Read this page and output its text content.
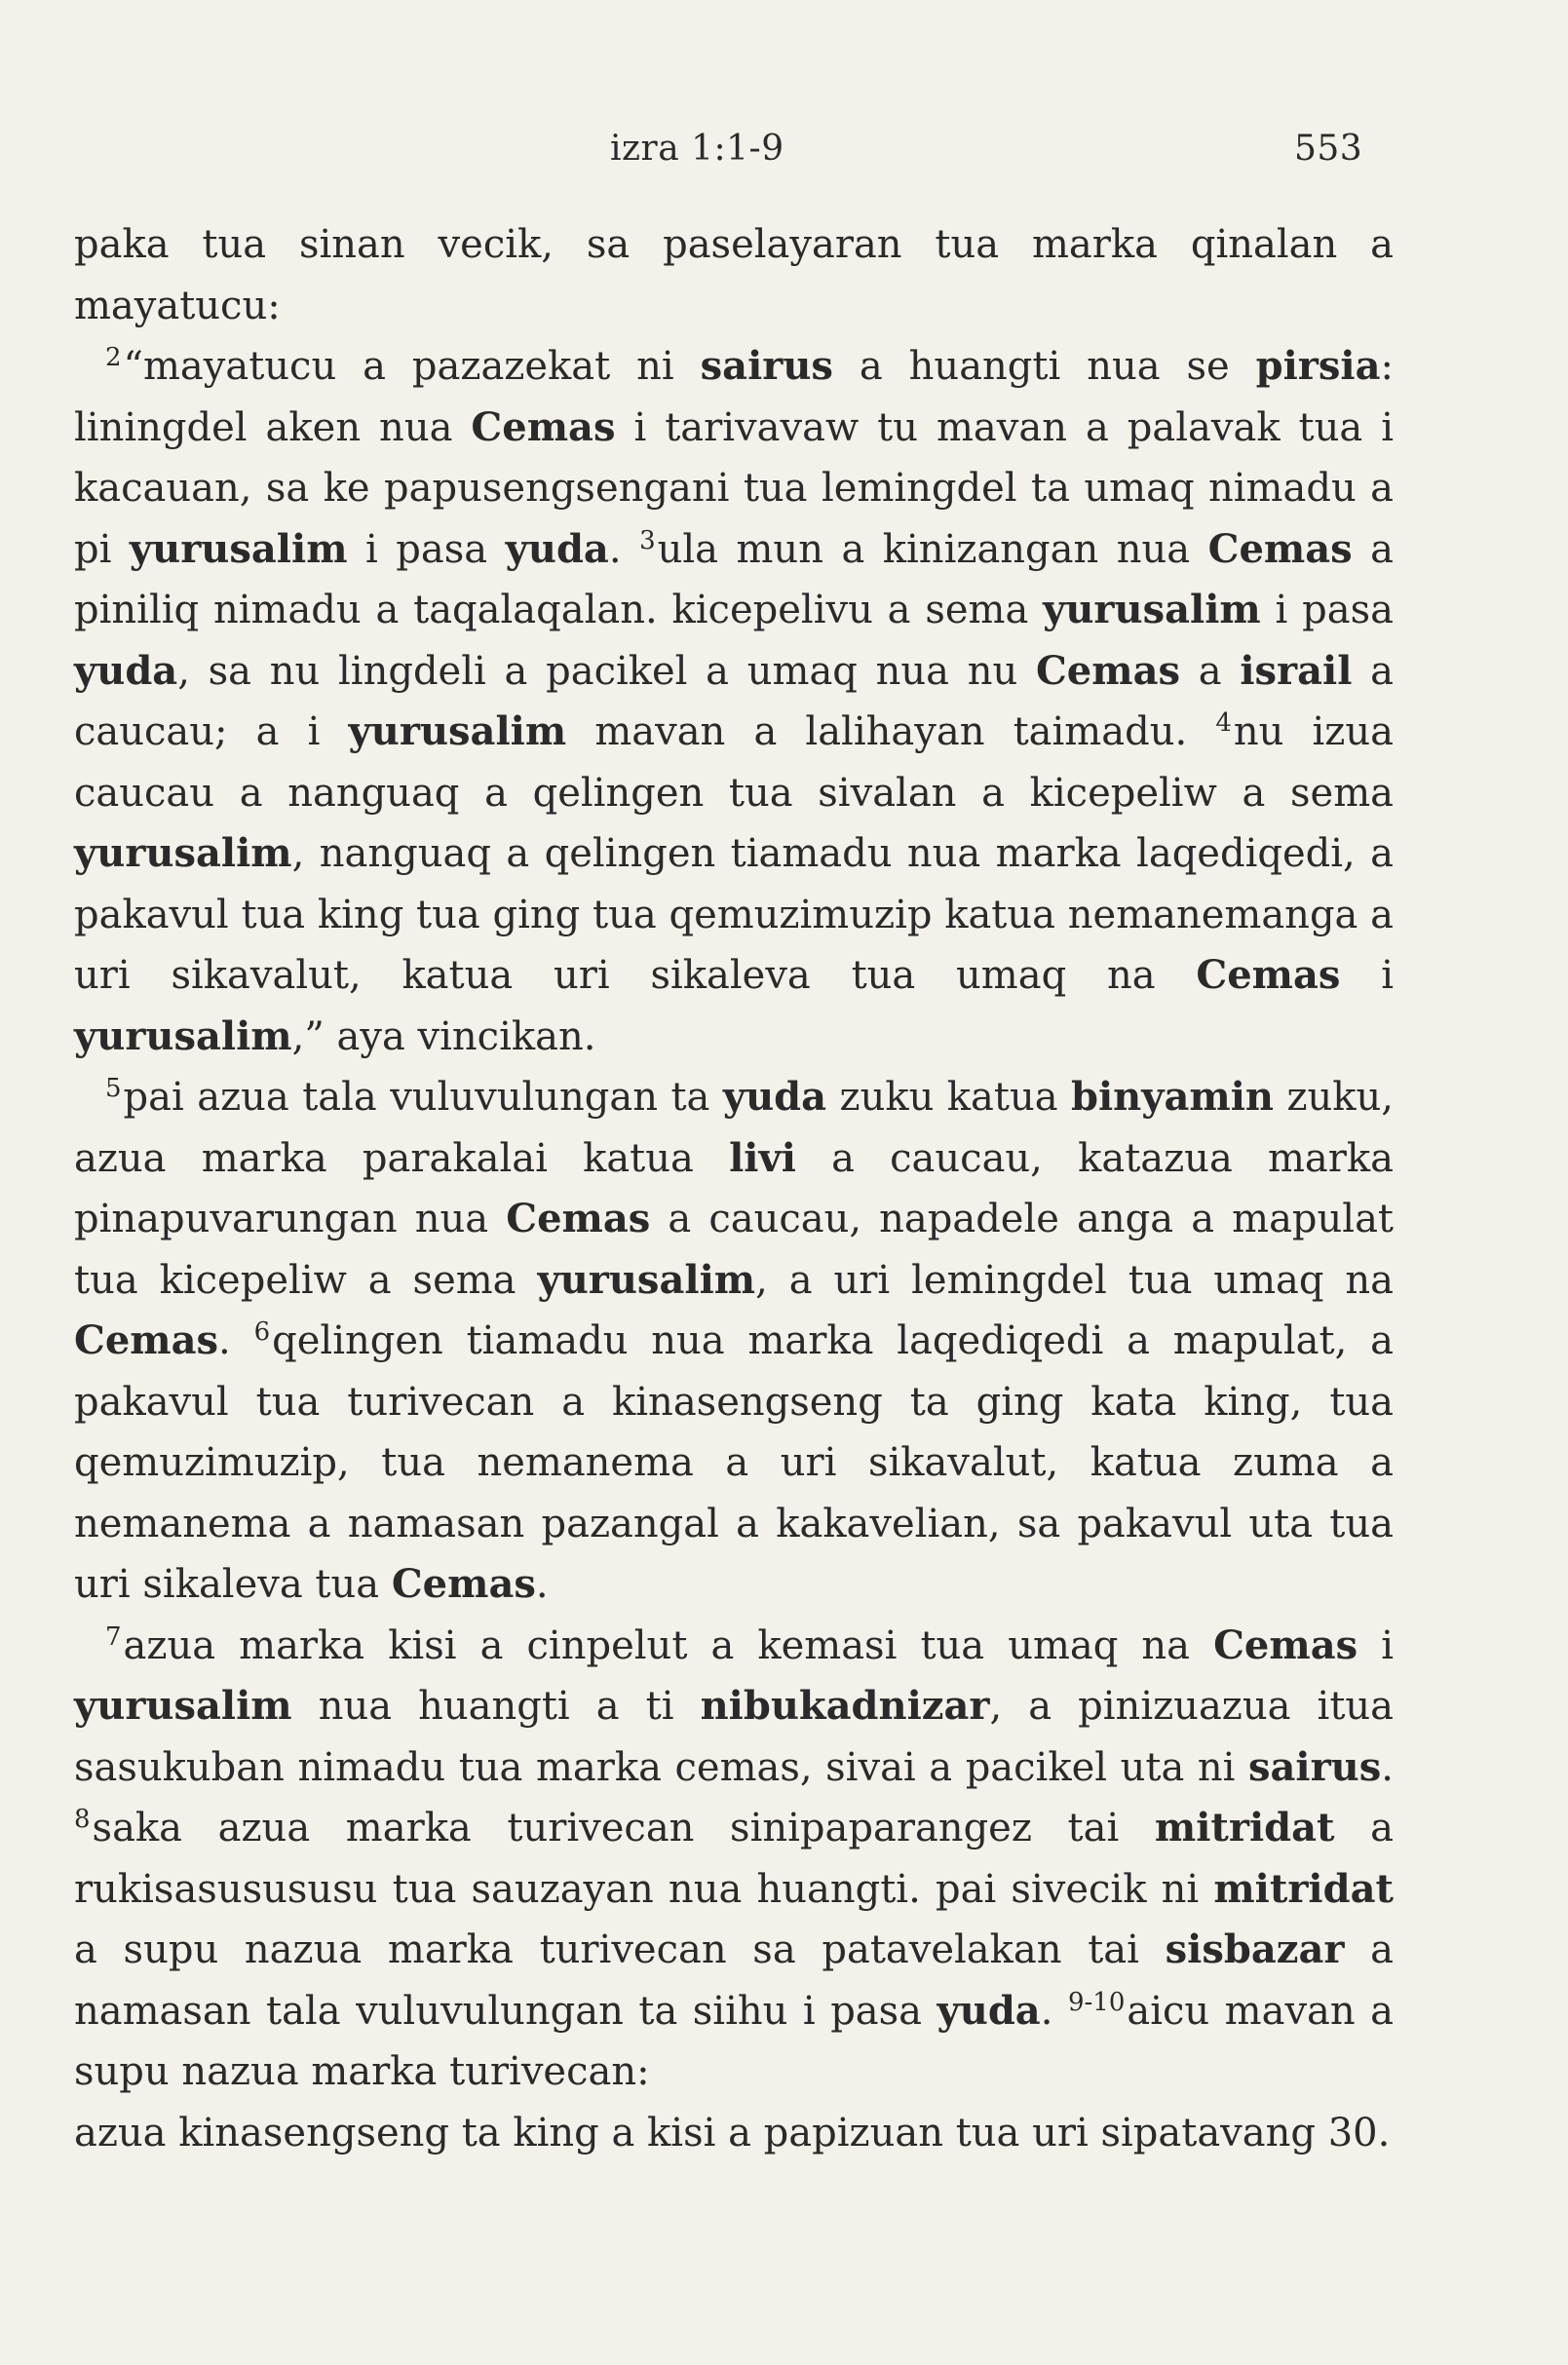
izra 1:1-9	553

paka tua sinan vecik, sa paselayaran tua marka qinalan a mayatucu:

$^2$“mayatucu a pazazekat ni sairus a huangti nua se pirsia: liningdel aken nua Cemas i tarivavaw tu mavan a palavak tua i kacauan, sa ke papusengsengani tua lemingdel ta umaq nimadu a pi yurusalim i pasa yuda. $^3$ula mun a kinizangan nua Cemas a piniliq nimadu a taqalaqalan. kicepelivu a sema yurusalim i pasa yuda, sa nu lingdeli a pacikel a umaq nua nu Cemas a israil a caucau; a i yurusalim mavan a lalihayan taimadu. $^4$nu izua caucau a nanguaq a qelingen tua sivalan a kicepeliw a sema yurusalim, nanguaq a qelingen tiamadu nua marka laqediqedi, a pakavul tua king tua ging tua qemuzimuzip katua nemanemanga a uri sikavalut, katua uri sikaleva tua umaq na Cemas i yurusalim,” aya vincikan.

$^5$pai azua tala vuluvulungan ta yuda zuku katua binyamin zuku, azua marka parakalai katua livi a caucau, katazua marka pinapuvarungan nua Cemas a caucau, napadele anga a mapulat tua kicepeliw a sema yurusalim, a uri lemingdel tua umaq na Cemas. $^6$qelingen tiamadu nua marka laqediqedi a mapulat, a pakavul tua turivecan a kinasengseng ta ging kata king, tua qemuzimuzip, tua nemanema a uri sikavalut, katua zuma a nemanema a namasan pazangal a kakavelian, sa pakavul uta tua uri sikaleva tua Cemas.

$^7$azua marka kisi a cinpelut a kemasi tua umaq na Cemas i yurusalim nua huangti a ti nibukadnizar, a pinizuazua itua sasukuban nimadu tua marka cemas, sivai a pacikel uta ni sairus. $^8$saka azua marka turivecan sinipaparangez tai mitridat a rukisasusususu tua sauzayan nua huangti. pai sivecik ni mitridat a supu nazua marka turivecan sa patavelakan tai sisbazar a namasan tala vuluvulungan ta siihu i pasa yuda. $^{9-10}$aicu mavan a supu nazua marka turivecan:

azua kinasengseng ta king a kisi a papizuan tua uri sipatavang 30.
